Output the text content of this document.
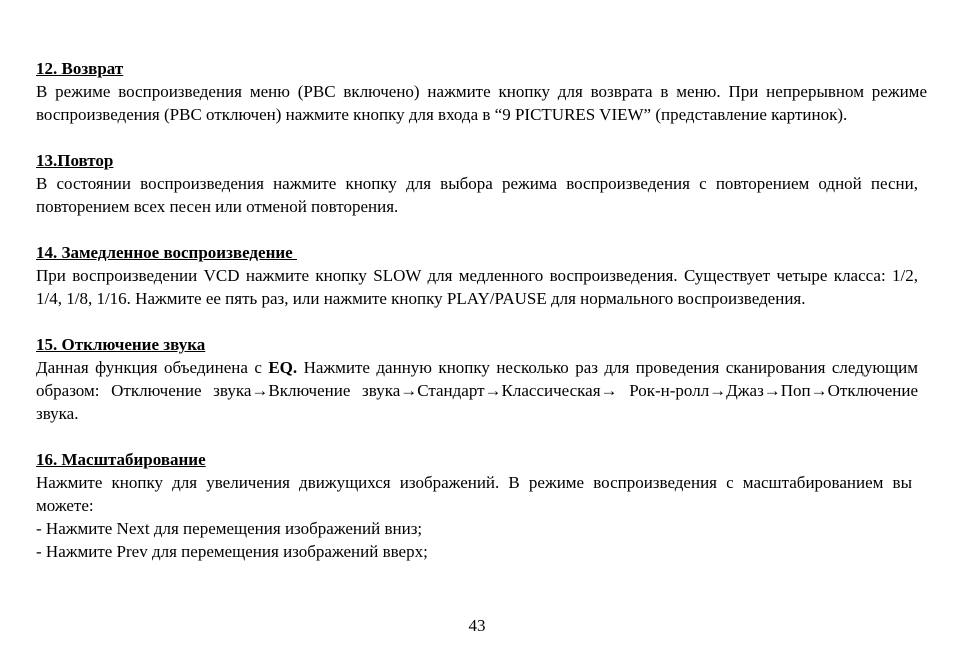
12. Возврат
В режиме воспроизведения меню (PBC включено) нажмите кнопку для возврата в меню. При непрерывном режиме воспроизведения (PBC отключен) нажмите кнопку для входа в “9 PICTURES VIEW” (представление картинок).
13.Повтор
В состоянии воспроизведения нажмите кнопку для выбора режима воспроизведения с повторением одной песни, повторением всех песен или отменой повторения.
14. Замедленное воспроизведение
При воспроизведении VCD нажмите кнопку SLOW для медленного воспроизведения. Существует четыре класса: 1/2, 1/4, 1/8, 1/16. Нажмите ее пять раз, или нажмите кнопку PLAY/PAUSE для нормального воспроизведения.
15. Отключение звука
Данная функция объединена с EQ. Нажмите данную кнопку несколько раз для проведения сканирования следующим образом: Отключение звука→Включение звука→Стандарт→Классическая→ Рок-н-ролл→Джаз→Поп→Отключение звука.
16. Масштабирование
Нажмите кнопку для увеличения движущихся изображений. В режиме воспроизведения с масштабированием вы можете:
- Нажмите Next для перемещения изображений вниз;
- Нажмите Prev для перемещения изображений вверх;
43
